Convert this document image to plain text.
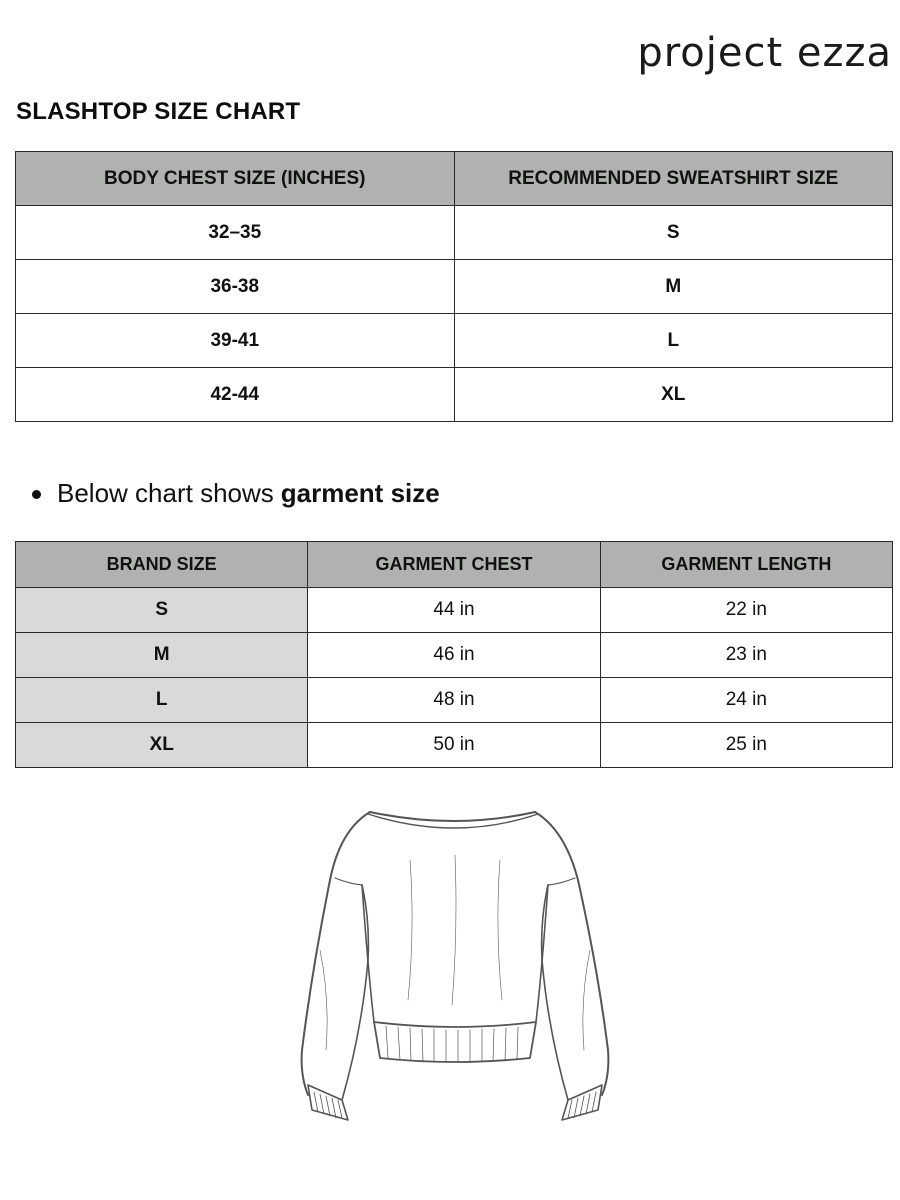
project ezza
SLASHTOP SIZE CHART
BODY CHEST SIZE (INCHES)	RECOMMENDED SWEATSHIRT SIZE
32–35	S
36-38	M
39-41	L
42-44	XL
Below chart shows garment size
BRAND SIZE	GARMENT CHEST	GARMENT LENGTH
S	44 in	22 in
M	46 in	23 in
L	48 in	24 in
XL	50 in	25 in
